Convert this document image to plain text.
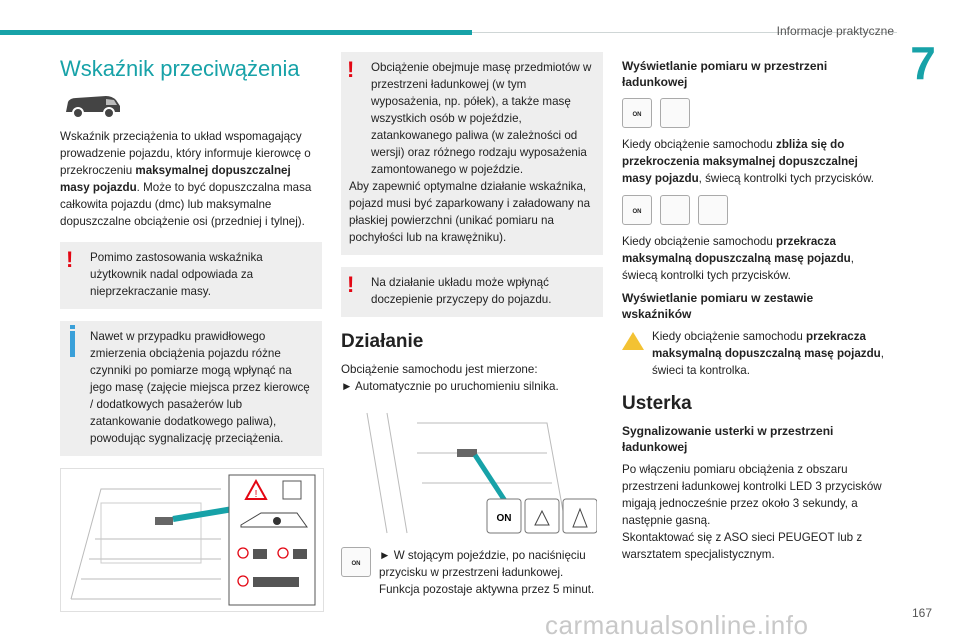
Informacje praktyczne
7
167
carmanualsonline.info
Wskaźnik przeciwążenia

Wskaźnik przeciążenia to układ wspomagający prowadzenie pojazdu, który informuje kierowcę o przekroczeniu maksymalnej dopuszczalnej masy pojazdu. Może to być dopuszczalna masa całkowita pojazdu (dmc) lub maksymalne dopuszczalne obciążenie osi (przedniej i tylnej).

!	Pomimo zastosowania wskaźnika użytkownik nadal odpowiada za nieprzekraczanie masy.

Nawet w przypadku prawidłowego zmierzenia obciążenia pojazdu różne czynniki po pomiarze mogą wpłynąć na jego masę (zajęcie miejsca przez kierowcę / dodatkowych pasażerów lub zatankowanie dodatkowego paliwa), powodując sygnalizację przeciążenia.

!
!	Obciążenie obejmuje masę przedmiotów w przestrzeni ładunkowej (w tym wyposażenia, np. półek), a także masę wszystkich osób w pojeździe, zatankowanego paliwa (w zależności od wersji) oraz różnego rodzaju wyposażenia zamontowanego w pojeździe.

Aby zapewnić optymalne działanie wskaźnika, pojazd musi być zaparkowany i załadowany na płaskiej powierzchni (unikać pomiaru na pochyłości lub na krawężniku).

!	Na działanie układu może wpłynąć doczepienie przyczepy do pojazdu.

Działanie

Obciążenie samochodu jest mierzone:

► Automatycznie po uruchomieniu silnika.

ON
ON

► W stojącym pojeździe, po naciśnięciu przycisku w przestrzeni ładunkowej. Funkcja pozostaje aktywna przez 5 minut.

Wyświetlanie pomiaru w przestrzeni ładunkowej
ON

Kiedy obciążenie samochodu zbliża się do przekroczenia maksymalnej dopuszczalnej masy pojazdu, świecą kontrolki tych przycisków.

ON

Kiedy obciążenie samochodu przekracza maksymalną dopuszczalną masę pojazdu, świecą kontrolki tych przycisków.

Wyświetlanie pomiaru w zestawie wskaźników

Kiedy obciążenie samochodu przekracza maksymalną dopuszczalną masę pojazdu, świeci ta kontrolka.

Usterka
Sygnalizowanie usterki w przestrzeni ładunkowej

Po włączeniu pomiaru obciążenia z obszaru przestrzeni ładunkowej kontrolki LED 3 przycisków migają jednocześnie przez około 3 sekundy, a następnie gasną.

Skontaktować się z ASO sieci PEUGEOT lub z warsztatem specjalistycznym.
